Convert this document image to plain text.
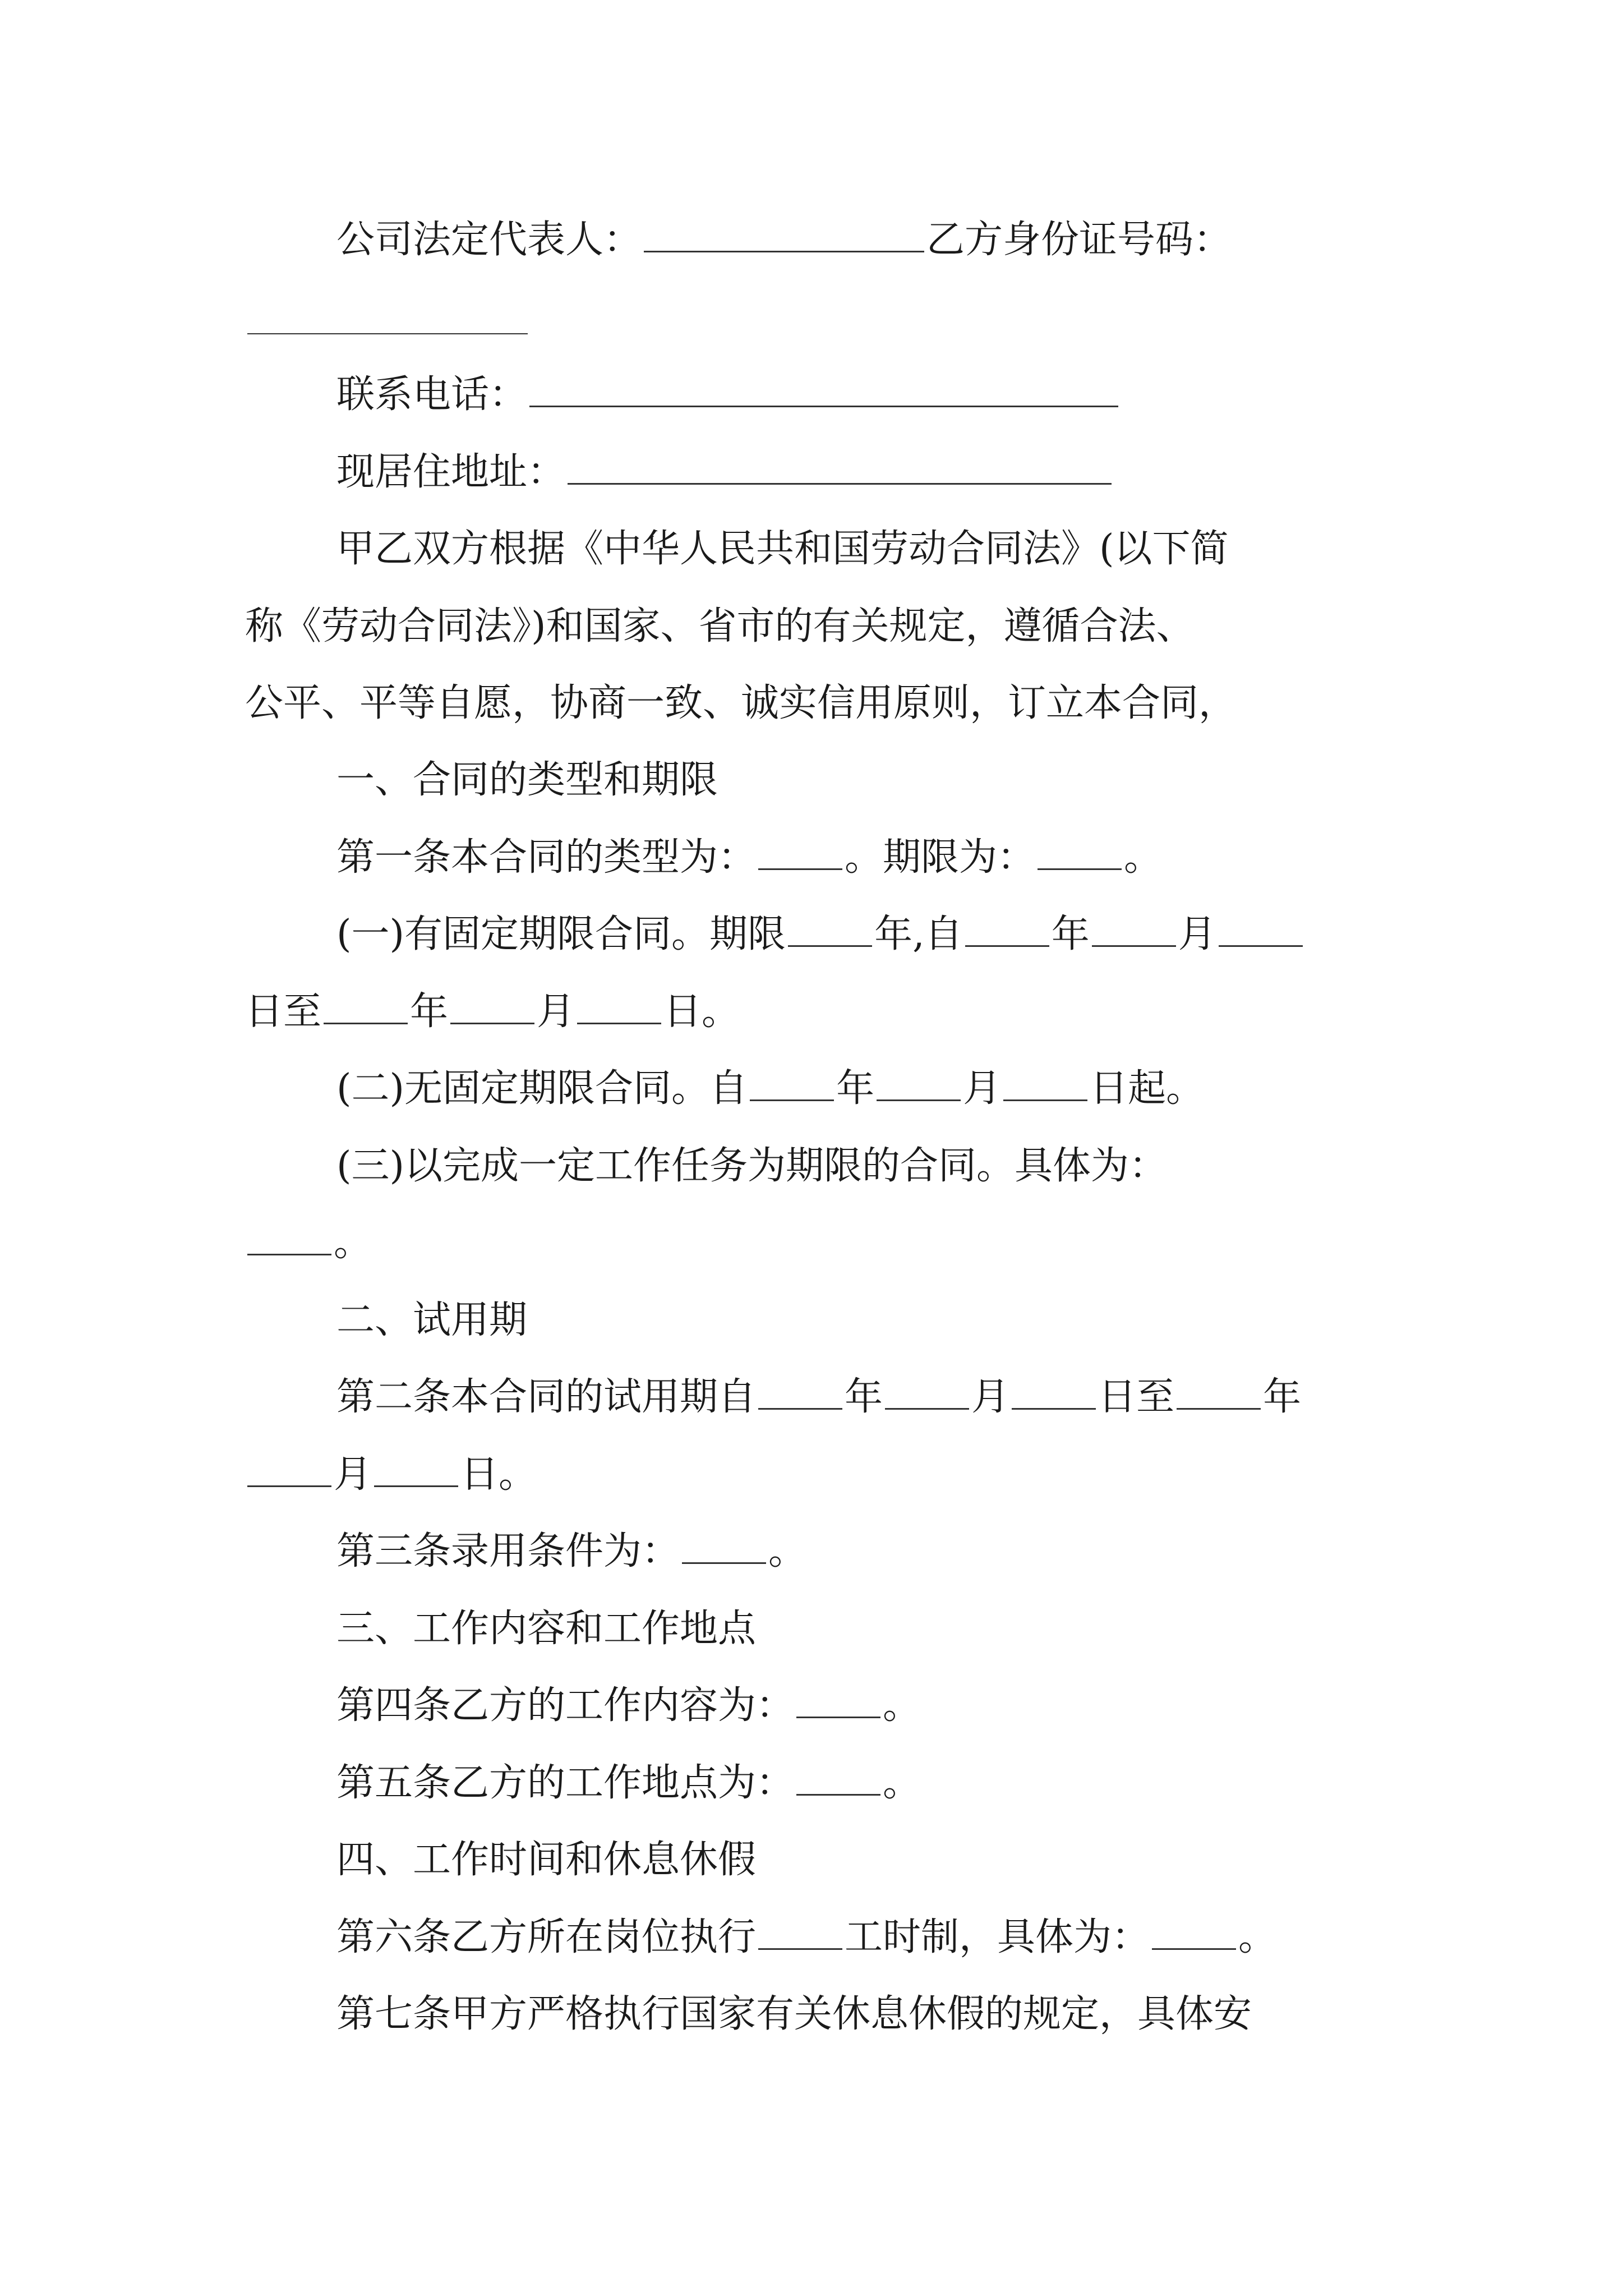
公司法定代表人：	乙方身份证号码：
联系电话：
现居住地址：
甲乙双方根据《中华人民共和国劳动合同法》(以下简
称《劳动合同法》)和国家、省市的有关规定，遵循合法、
公平、平等自愿，协商一致、诚实信用原则，订立本合同，
一、合同的类型和期限
第一条本合同的类型为： 。期限为： 。
(一)有固定期限合同。期限 年,自 年 月
日至 年 月 日。
(二)无固定期限合同。自 年 月 日起。
(三)以完成一定工作任务为期限的合同。具体为：
。
二、试用期
第二条本合同的试用期自 年 月 日至 年
月 日。
第三条录用条件为： 。
三、工作内容和工作地点
第四条乙方的工作内容为： 。
第五条乙方的工作地点为： 。
四、工作时间和休息休假
第六条乙方所在岗位执行 工时制，具体为： 。
第七条甲方严格执行国家有关休息休假的规定，具体安
